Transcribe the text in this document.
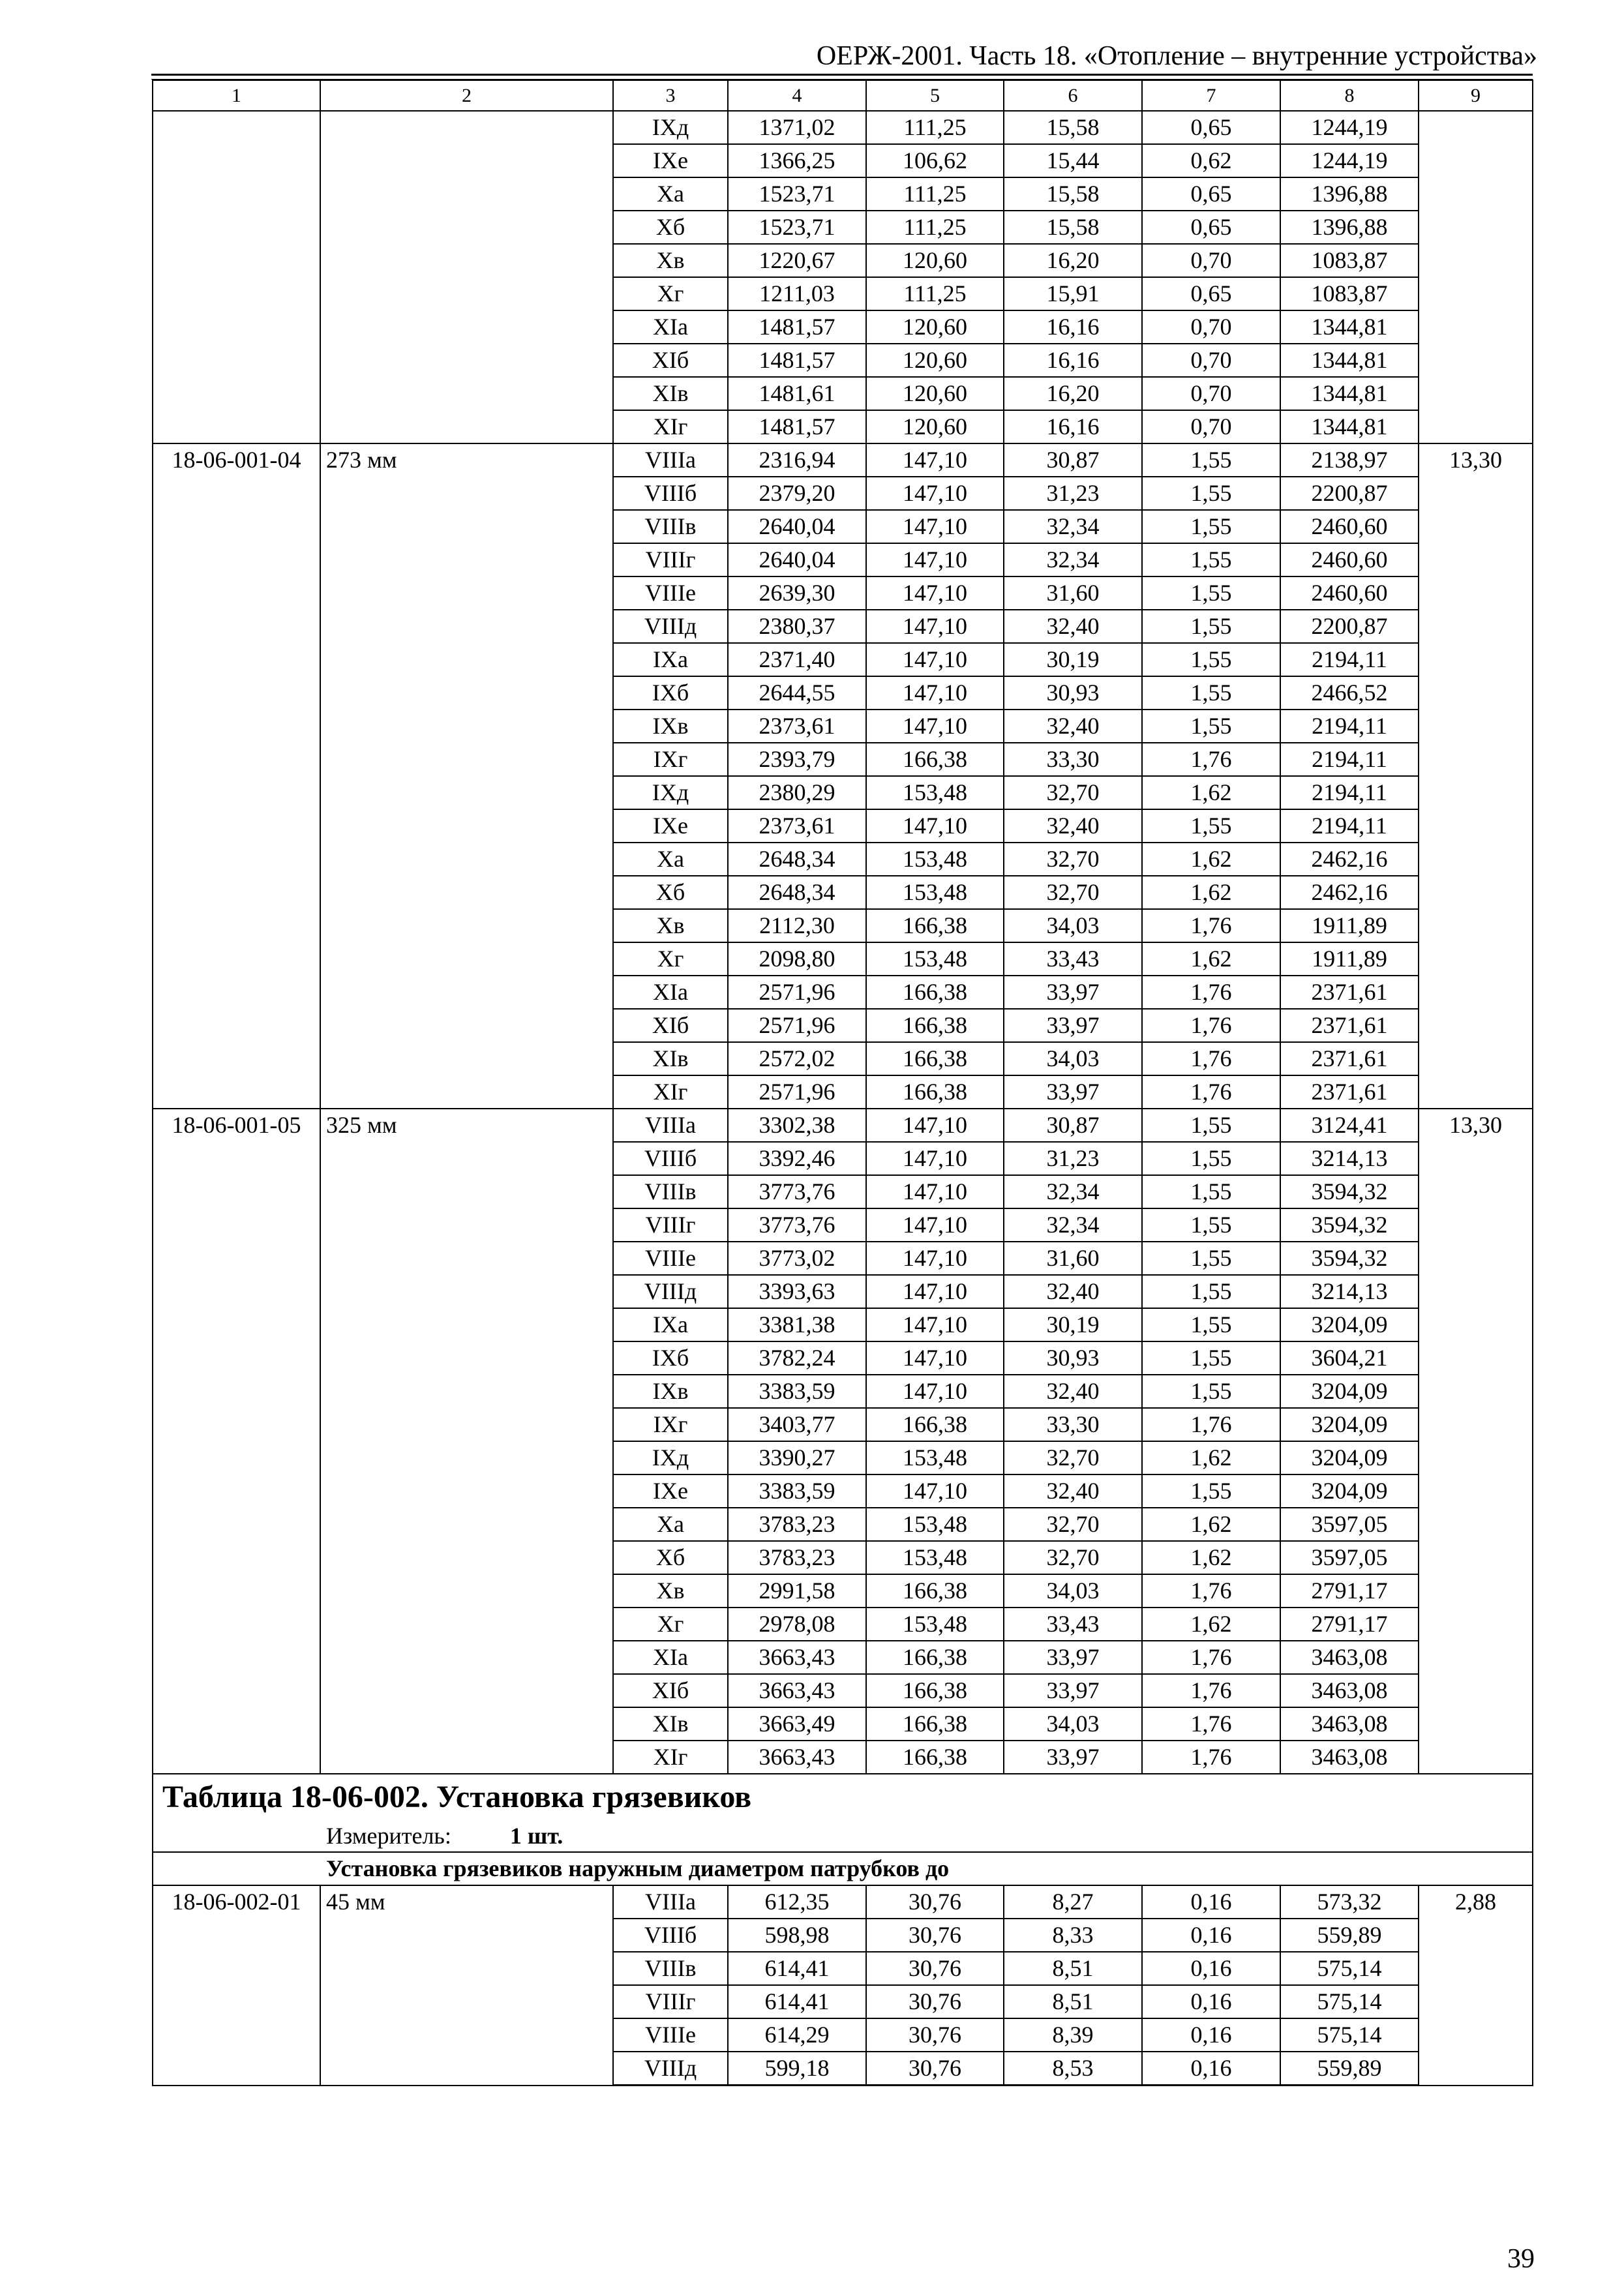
ОЕРЖ-2001. Часть 18. «Отопление – внутренние устройства»
1	2	3	4	5	6	7	8	9
		IXд	1371,02	111,25	15,58	0,65	1244,19	
		IXе	1366,25	106,62	15,44	0,62	1244,19	
		Xа	1523,71	111,25	15,58	0,65	1396,88	
		Xб	1523,71	111,25	15,58	0,65	1396,88	
		Xв	1220,67	120,60	16,20	0,70	1083,87	
		Xг	1211,03	111,25	15,91	0,65	1083,87	
		XIа	1481,57	120,60	16,16	0,70	1344,81	
		XIб	1481,57	120,60	16,16	0,70	1344,81	
		XIв	1481,61	120,60	16,20	0,70	1344,81	
		XIг	1481,57	120,60	16,16	0,70	1344,81	
18-06-001-04	273 мм	VIIIа	2316,94	147,10	30,87	1,55	2138,97	13,30
		VIIIб	2379,20	147,10	31,23	1,55	2200,87	
		VIIIв	2640,04	147,10	32,34	1,55	2460,60	
		VIIIг	2640,04	147,10	32,34	1,55	2460,60	
		VIIIе	2639,30	147,10	31,60	1,55	2460,60	
		VIIIд	2380,37	147,10	32,40	1,55	2200,87	
		IXа	2371,40	147,10	30,19	1,55	2194,11	
		IXб	2644,55	147,10	30,93	1,55	2466,52	
		IXв	2373,61	147,10	32,40	1,55	2194,11	
		IXг	2393,79	166,38	33,30	1,76	2194,11	
		IXд	2380,29	153,48	32,70	1,62	2194,11	
		IXе	2373,61	147,10	32,40	1,55	2194,11	
		Xа	2648,34	153,48	32,70	1,62	2462,16	
		Xб	2648,34	153,48	32,70	1,62	2462,16	
		Xв	2112,30	166,38	34,03	1,76	1911,89	
		Xг	2098,80	153,48	33,43	1,62	1911,89	
		XIа	2571,96	166,38	33,97	1,76	2371,61	
		XIб	2571,96	166,38	33,97	1,76	2371,61	
		XIв	2572,02	166,38	34,03	1,76	2371,61	
		XIг	2571,96	166,38	33,97	1,76	2371,61	
18-06-001-05	325 мм	VIIIа	3302,38	147,10	30,87	1,55	3124,41	13,30
		VIIIб	3392,46	147,10	31,23	1,55	3214,13	
		VIIIв	3773,76	147,10	32,34	1,55	3594,32	
		VIIIг	3773,76	147,10	32,34	1,55	3594,32	
		VIIIе	3773,02	147,10	31,60	1,55	3594,32	
		VIIIд	3393,63	147,10	32,40	1,55	3214,13	
		IXа	3381,38	147,10	30,19	1,55	3204,09	
		IXб	3782,24	147,10	30,93	1,55	3604,21	
		IXв	3383,59	147,10	32,40	1,55	3204,09	
		IXг	3403,77	166,38	33,30	1,76	3204,09	
		IXд	3390,27	153,48	32,70	1,62	3204,09	
		IXе	3383,59	147,10	32,40	1,55	3204,09	
		Xа	3783,23	153,48	32,70	1,62	3597,05	
		Xб	3783,23	153,48	32,70	1,62	3597,05	
		Xв	2991,58	166,38	34,03	1,76	2791,17	
		Xг	2978,08	153,48	33,43	1,62	2791,17	
		XIа	3663,43	166,38	33,97	1,76	3463,08	
		XIб	3663,43	166,38	33,97	1,76	3463,08	
		XIв	3663,49	166,38	34,03	1,76	3463,08	
		XIг	3663,43	166,38	33,97	1,76	3463,08	
Таблица 18-06-002. Установка грязевиков								
Измеритель: 1 шт.								
Установка грязевиков наружным диаметром патрубков до								
18-06-002-01	45 мм	VIIIа	612,35	30,76	8,27	0,16	573,32	2,88
		VIIIб	598,98	30,76	8,33	0,16	559,89	
		VIIIв	614,41	30,76	8,51	0,16	575,14	
		VIIIг	614,41	30,76	8,51	0,16	575,14	
		VIIIе	614,29	30,76	8,39	0,16	575,14	
		VIIIд	599,18	30,76	8,53	0,16	559,89	
39
